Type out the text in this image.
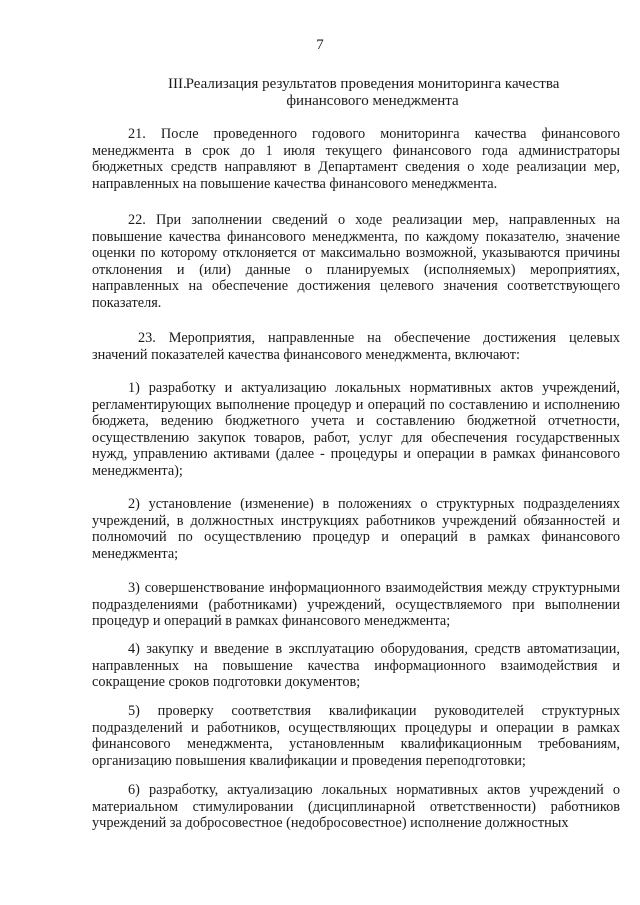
7
III.
Реализация результатов проведения мониторинга качества
финансового менеджмента

21. После проведенного годового мониторинга качества финансового менеджмента в срок до 1 июля текущего финансового года администраторы бюджетных средств направляют в Департамент сведения о ходе реализации мер, направленных на повышение качества финансового менеджмента.

22. При заполнении сведений о ходе реализации мер, направленных на повышение качества финансового менеджмента, по каждому показателю, значение оценки по которому отклоняется от максимально возможной, указываются причины отклонения и (или) данные о планируемых (исполняемых) мероприятиях, направленных на обеспечение достижения целевого значения соответствующего показателя.

23. Мероприятия, направленные на обеспечение достижения целевых значений показателей качества финансового менеджмента, включают:

1) разработку и актуализацию локальных нормативных актов учреждений, регламентирующих выполнение процедур и операций по составлению и исполнению бюджета, ведению бюджетного учета и составлению бюджетной отчетности, осуществлению закупок товаров, работ, услуг для обеспечения государственных нужд, управлению активами (далее - процедуры и операции в рамках финансового менеджмента);

2) установление (изменение) в положениях о структурных подразделениях учреждений, в должностных инструкциях работников учреждений обязанностей и полномочий по осуществлению процедур и операций в рамках финансового менеджмента;

3) совершенствование информационного взаимодействия между структурными подразделениями (работниками) учреждений, осуществляемого при выполнении процедур и операций в рамках финансового менеджмента;

4) закупку и введение в эксплуатацию оборудования, средств автоматизации, направленных на повышение качества информационного взаимодействия и сокращение сроков подготовки документов;

5) проверку соответствия квалификации руководителей структурных подразделений и работников, осуществляющих процедуры и операции в рамках финансового менеджмента, установленным квалификационным требованиям, организацию повышения квалификации и проведения переподготовки;

6) разработку, актуализацию локальных нормативных актов учреждений о материальном стимулировании (дисциплинарной ответственности) работников учреждений за добросовестное (недобросовестное) исполнение должностных
